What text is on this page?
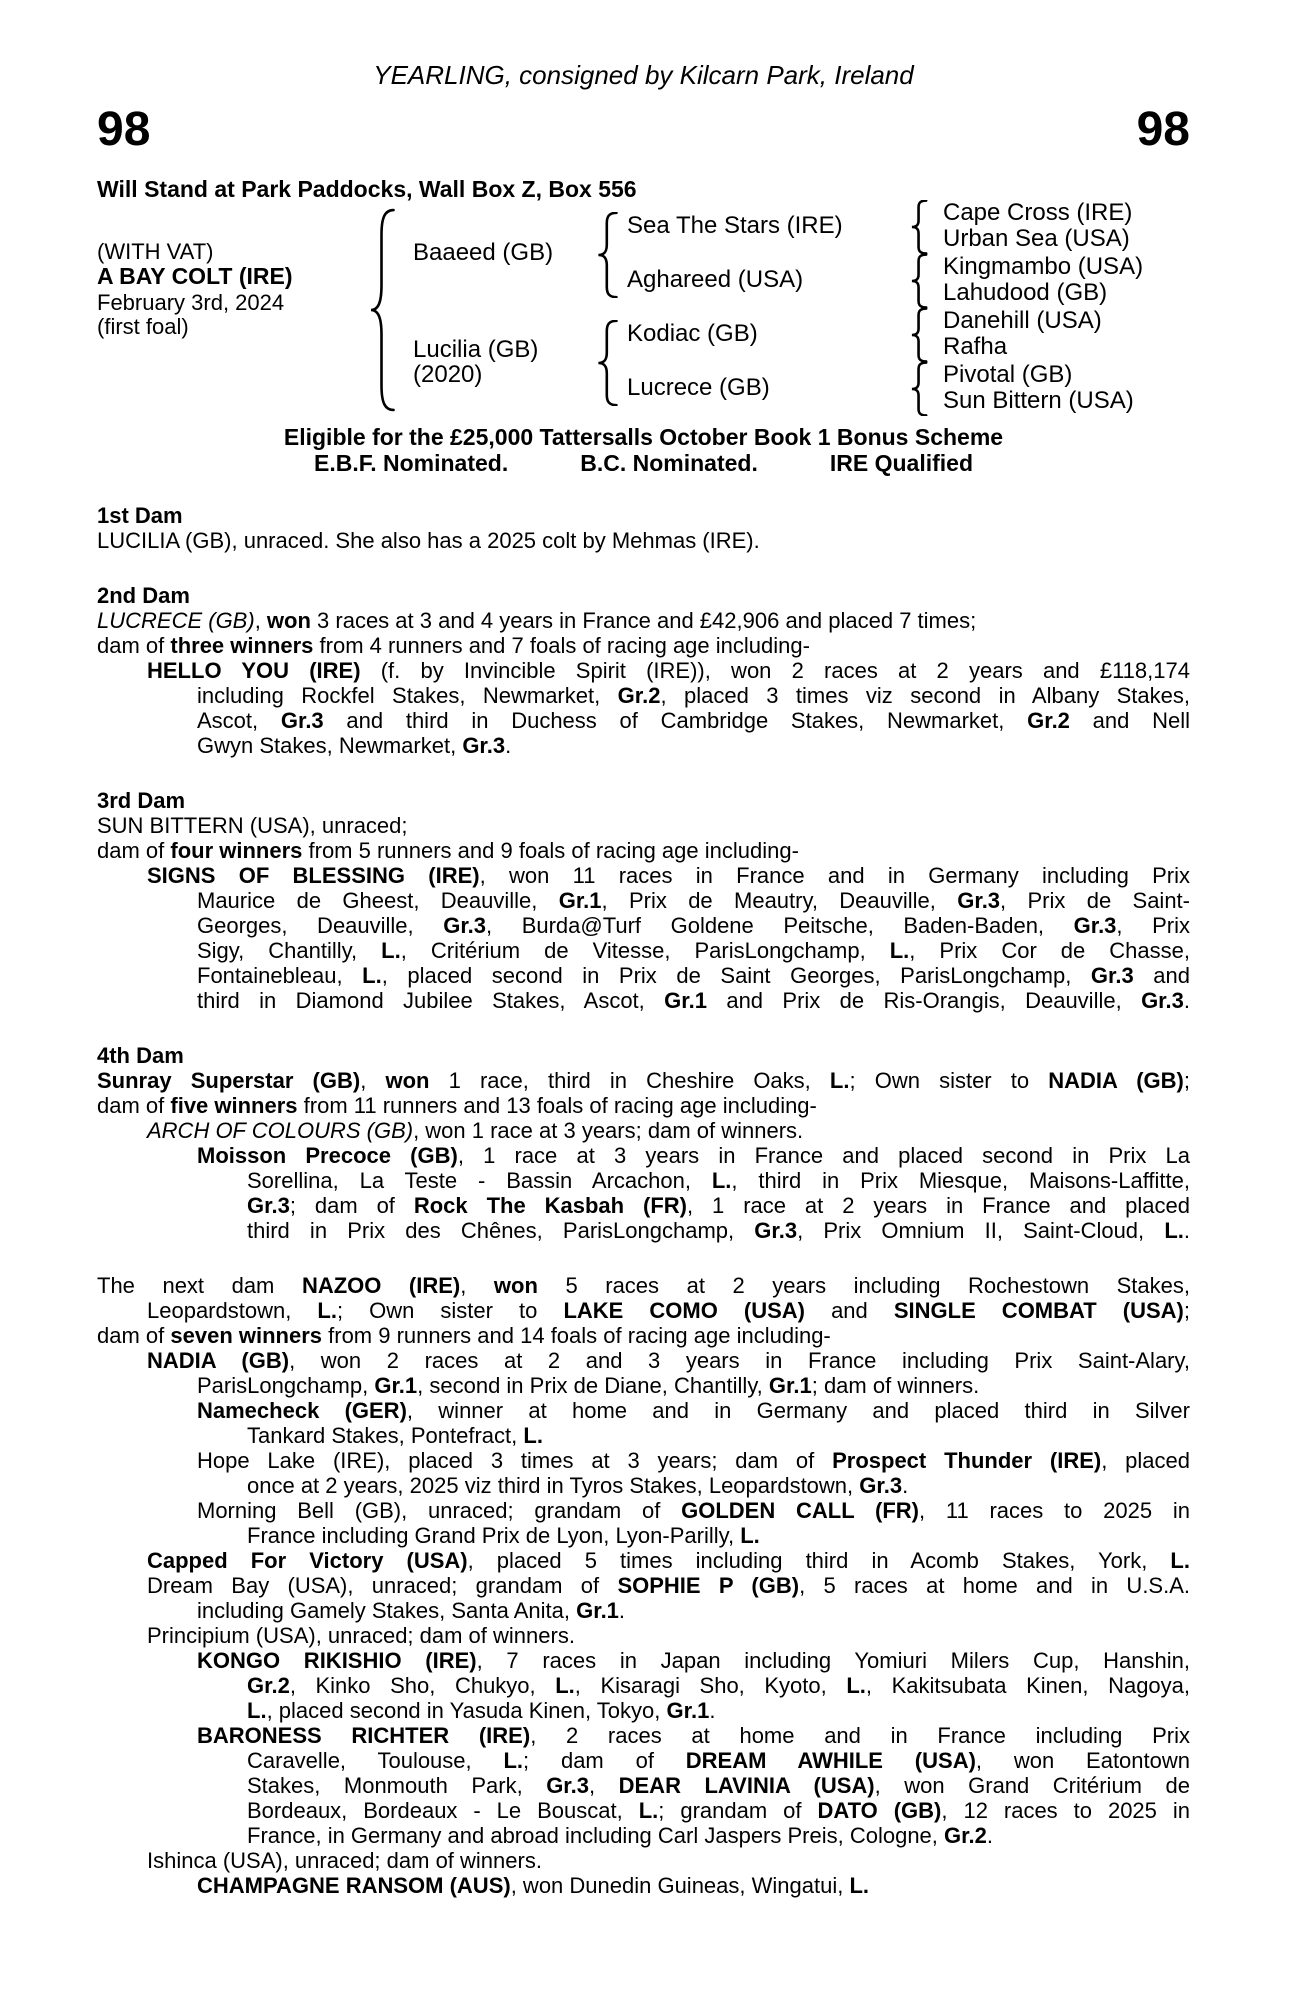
YEARLING, consigned by Kilcarn Park, Ireland
98	98
Will Stand at Park Paddocks, Wall Box Z, Box 556
(WITH VAT)
A BAY COLT (IRE)
February 3rd, 2024
(first foal)
Baaeed (GB)
Lucilia (GB)
(2020)
Sea The Stars (IRE)
Aghareed (USA)
Kodiac (GB)
Lucrece (GB)
Cape Cross (IRE)
Urban Sea (USA)
Kingmambo (USA)
Lahudood (GB)
Danehill (USA)
Rafha
Pivotal (GB)
Sun Bittern (USA)
Eligible for the £25,000 Tattersalls October Book 1 Bonus Scheme
E.B.F. Nominated.	B.C. Nominated.	IRE Qualified
1st Dam
LUCILIA (GB), unraced. She also has a 2025 colt by Mehmas (IRE).
2nd Dam
LUCRECE (GB), won 3 races at 3 and 4 years in France and £42,906 and placed 7 times;
dam of three winners from 4 runners and 7 foals of racing age including-
HELLO YOU (IRE) (f. by Invincible Spirit (IRE)), won 2 races at 2 years and £118,174
including Rockfel Stakes, Newmarket, Gr.2, placed 3 times viz second in Albany Stakes,
Ascot, Gr.3 and third in Duchess of Cambridge Stakes, Newmarket, Gr.2 and Nell
Gwyn Stakes, Newmarket, Gr.3.
3rd Dam
SUN BITTERN (USA), unraced;
dam of four winners from 5 runners and 9 foals of racing age including-
SIGNS OF BLESSING (IRE), won 11 races in France and in Germany including Prix
Maurice de Gheest, Deauville, Gr.1, Prix de Meautry, Deauville, Gr.3, Prix de Saint-
Georges, Deauville, Gr.3, Burda@Turf Goldene Peitsche, Baden-Baden, Gr.3, Prix
Sigy, Chantilly, L., Critérium de Vitesse, ParisLongchamp, L., Prix Cor de Chasse,
Fontainebleau, L., placed second in Prix de Saint Georges, ParisLongchamp, Gr.3 and
third in Diamond Jubilee Stakes, Ascot, Gr.1 and Prix de Ris-Orangis, Deauville, Gr.3.
4th Dam
Sunray Superstar (GB), won 1 race, third in Cheshire Oaks, L.; Own sister to NADIA (GB);
dam of five winners from 11 runners and 13 foals of racing age including-
ARCH OF COLOURS (GB), won 1 race at 3 years; dam of winners.
Moisson Precoce (GB), 1 race at 3 years in France and placed second in Prix La
Sorellina, La Teste - Bassin Arcachon, L., third in Prix Miesque, Maisons-Laffitte,
Gr.3; dam of Rock The Kasbah (FR), 1 race at 2 years in France and placed
third in Prix des Chênes, ParisLongchamp, Gr.3, Prix Omnium II, Saint-Cloud, L..
The next dam NAZOO (IRE), won 5 races at 2 years including Rochestown Stakes,
Leopardstown, L.; Own sister to LAKE COMO (USA) and SINGLE COMBAT (USA);
dam of seven winners from 9 runners and 14 foals of racing age including-
NADIA (GB), won 2 races at 2 and 3 years in France including Prix Saint-Alary,
ParisLongchamp, Gr.1, second in Prix de Diane, Chantilly, Gr.1; dam of winners.
Namecheck (GER), winner at home and in Germany and placed third in Silver
Tankard Stakes, Pontefract, L.
Hope Lake (IRE), placed 3 times at 3 years; dam of Prospect Thunder (IRE), placed
once at 2 years, 2025 viz third in Tyros Stakes, Leopardstown, Gr.3.
Morning Bell (GB), unraced; grandam of GOLDEN CALL (FR), 11 races to 2025 in
France including Grand Prix de Lyon, Lyon-Parilly, L.
Capped For Victory (USA), placed 5 times including third in Acomb Stakes, York, L.
Dream Bay (USA), unraced; grandam of SOPHIE P (GB), 5 races at home and in U.S.A.
including Gamely Stakes, Santa Anita, Gr.1.
Principium (USA), unraced; dam of winners.
KONGO RIKISHIO (IRE), 7 races in Japan including Yomiuri Milers Cup, Hanshin,
Gr.2, Kinko Sho, Chukyo, L., Kisaragi Sho, Kyoto, L., Kakitsubata Kinen, Nagoya,
L., placed second in Yasuda Kinen, Tokyo, Gr.1.
BARONESS RICHTER (IRE), 2 races at home and in France including Prix
Caravelle, Toulouse, L.; dam of DREAM AWHILE (USA), won Eatontown
Stakes, Monmouth Park, Gr.3, DEAR LAVINIA (USA), won Grand Critérium de
Bordeaux, Bordeaux - Le Bouscat, L.; grandam of DATO (GB), 12 races to 2025 in
France, in Germany and abroad including Carl Jaspers Preis, Cologne, Gr.2.
Ishinca (USA), unraced; dam of winners.
CHAMPAGNE RANSOM (AUS), won Dunedin Guineas, Wingatui, L.
